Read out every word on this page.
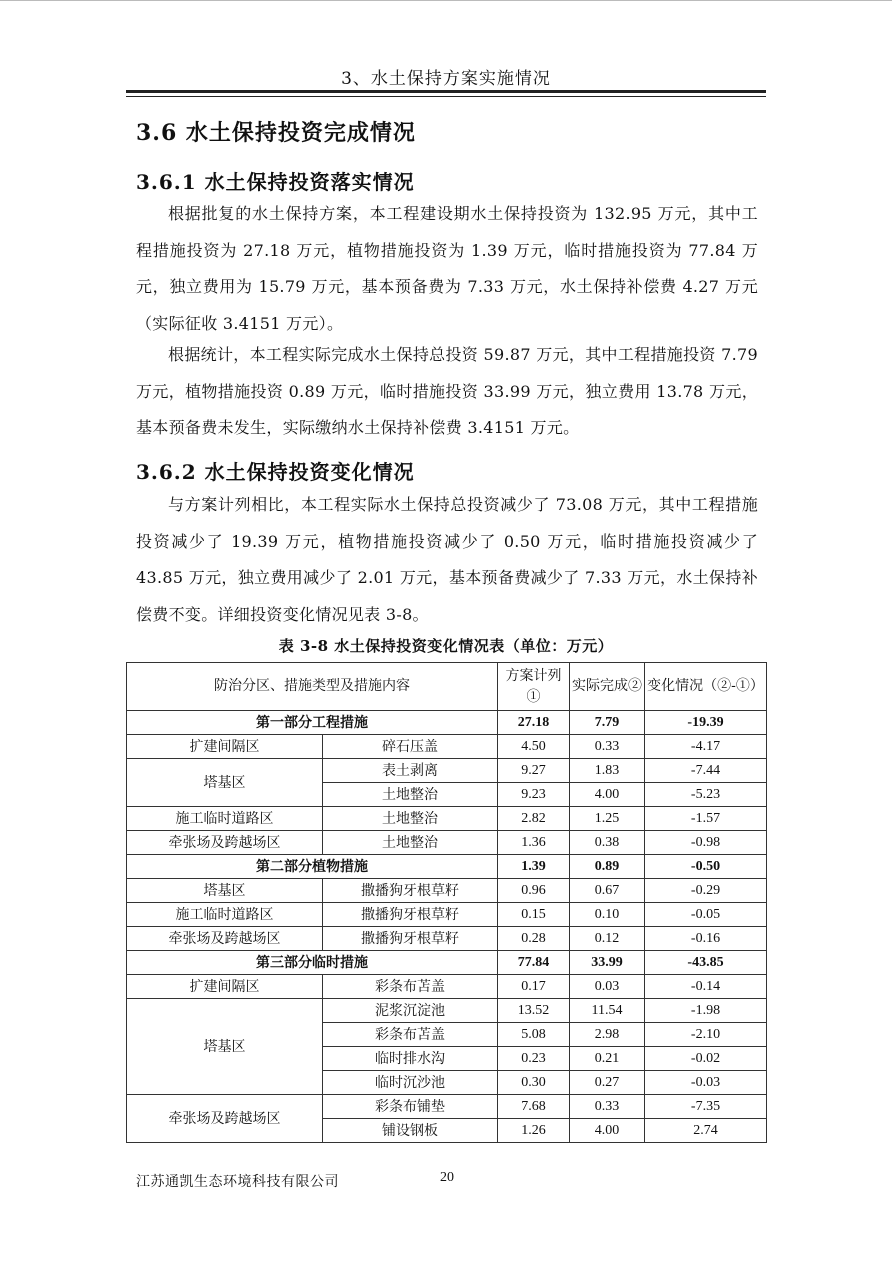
3、水土保持方案实施情况
3.6 水土保持投资完成情况
3.6.1 水土保持投资落实情况

根据批复的水土保持方案，本工程建设期水土保持投资为 132.95 万元，其中工程措施投资为 27.18 万元，植物措施投资为 1.39 万元，临时措施投资为 77.84 万元，独立费用为 15.79 万元，基本预备费为 7.33 万元，水土保持补偿费 4.27 万元（实际征收 3.4151 万元）。

根据统计，本工程实际完成水土保持总投资 59.87 万元，其中工程措施投资 7.79 万元，植物措施投资 0.89 万元，临时措施投资 33.99 万元，独立费用 13.78 万元，基本预备费未发生，实际缴纳水土保持补偿费 3.4151 万元。

3.6.2 水土保持投资变化情况

与方案计列相比，本工程实际水土保持总投资减少了 73.08 万元，其中工程措施投资减少了 19.39 万元，植物措施投资减少了 0.50 万元，临时措施投资减少了 43.85 万元，独立费用减少了 2.01 万元，基本预备费减少了 7.33 万元，水土保持补偿费不变。详细投资变化情况见表 3-8。

表 3-8 水土保持投资变化情况表（单位：万元）
防治分区、措施类型及措施内容		方案计列①	实际完成②	变化情况（②-①）
第一部分工程措施		27.18	7.79	-19.39
扩建间隔区	碎石压盖	4.50	0.33	-4.17
塔基区	表土剥离	9.27	1.83	-7.44
	土地整治	9.23	4.00	-5.23
施工临时道路区	土地整治	2.82	1.25	-1.57
牵张场及跨越场区	土地整治	1.36	0.38	-0.98
第二部分植物措施		1.39	0.89	-0.50
塔基区	撒播狗牙根草籽	0.96	0.67	-0.29
施工临时道路区	撒播狗牙根草籽	0.15	0.10	-0.05
牵张场及跨越场区	撒播狗牙根草籽	0.28	0.12	-0.16
第三部分临时措施		77.84	33.99	-43.85
扩建间隔区	彩条布苫盖	0.17	0.03	-0.14
塔基区	泥浆沉淀池	13.52	11.54	-1.98
	彩条布苫盖	5.08	2.98	-2.10
	临时排水沟	0.23	0.21	-0.02
	临时沉沙池	0.30	0.27	-0.03
牵张场及跨越场区	彩条布铺垫	7.68	0.33	-7.35
	铺设钢板	1.26	4.00	2.74
江苏通凯生态环境科技有限公司	20
